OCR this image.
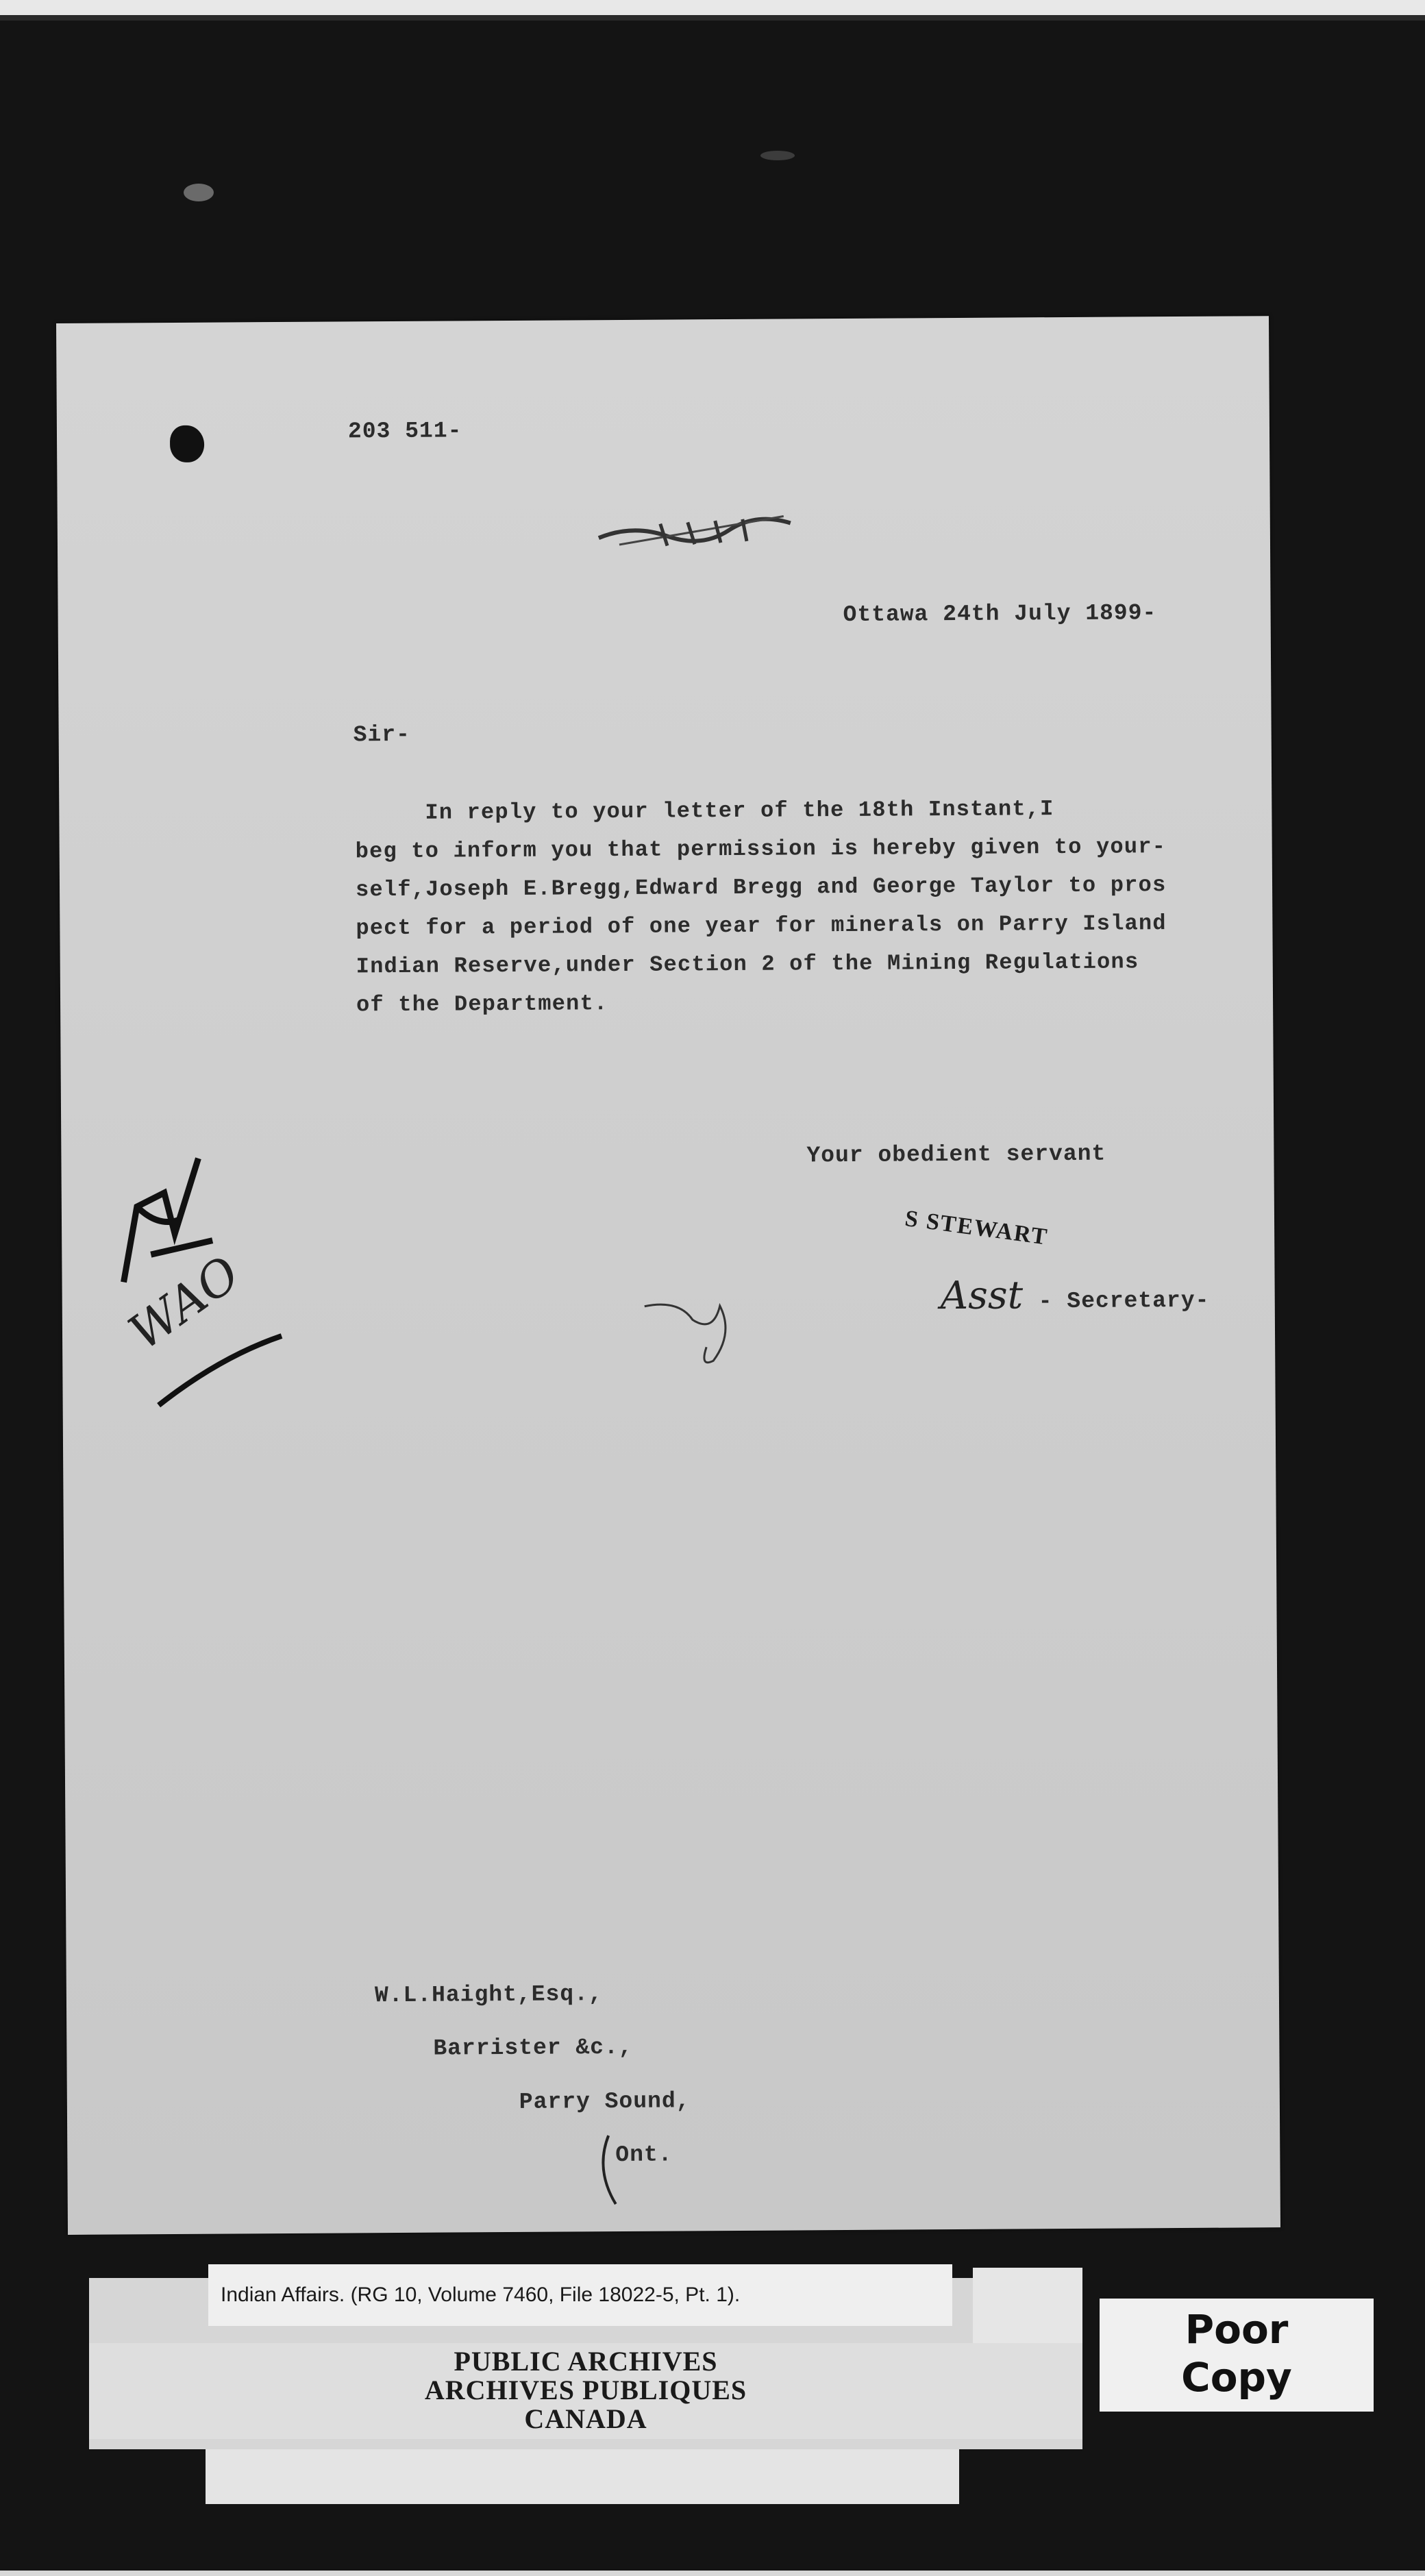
203 511-
Ottawa 24th July 1899-
Sir-
In reply to your letter of the 18th Instant,I
beg to inform you that permission is hereby given to your-
self,Joseph E.Bregg,Edward Bregg and George Taylor to pros
pect for a period of one year for minerals on Parry Island
Indian Reserve,under Section 2 of the Mining Regulations
of the Department.
Your obedient servant
S STEWART
Asst - Secretary-
WAO
W.L.Haight,Esq.,
Barrister &c.,
Parry Sound,
Ont.
Indian Affairs. (RG 10, Volume 7460, File 18022-5, Pt. 1).
PUBLIC ARCHIVES
ARCHIVES PUBLIQUES
CANADA
Poor
Copy
